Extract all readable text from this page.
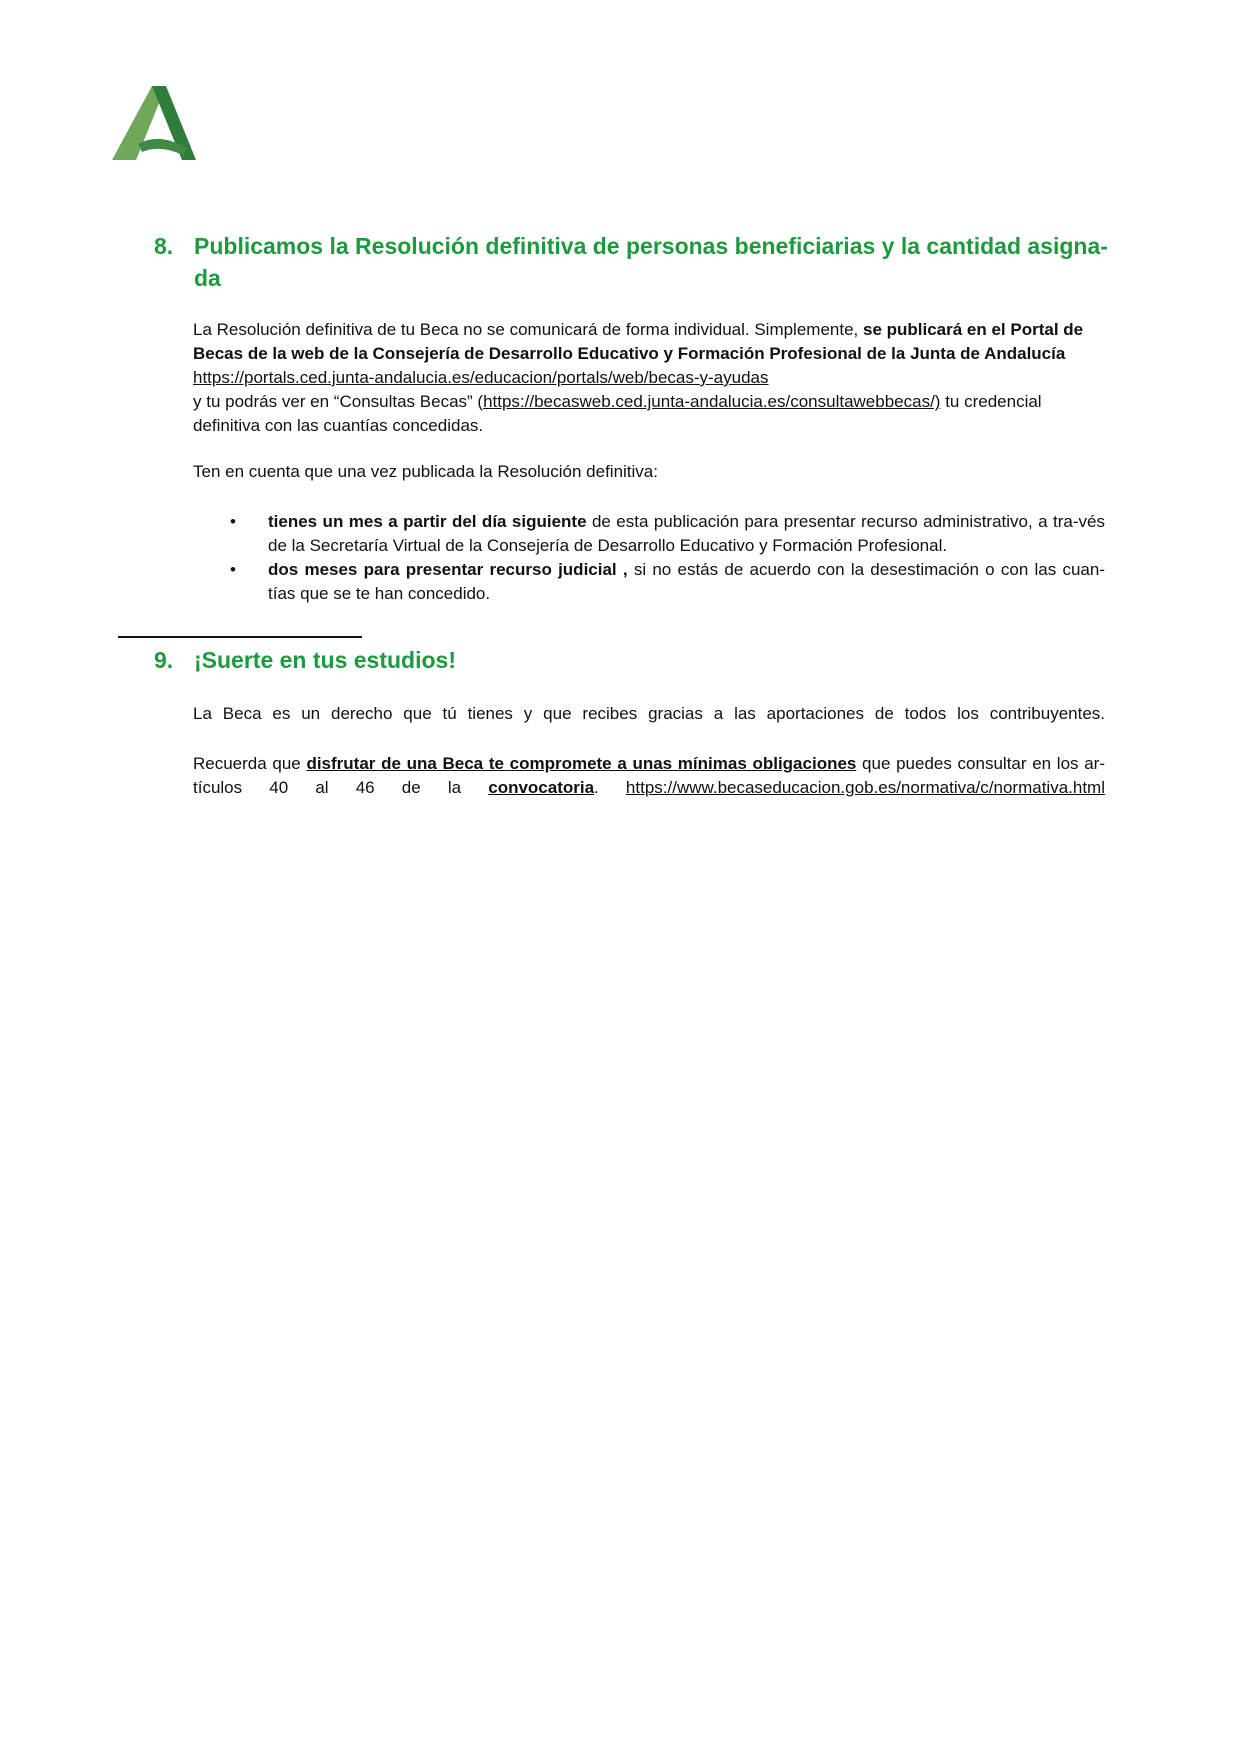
8. Publicamos la Resolución definitiva de personas beneficiarias y la cantidad asigna-
da
La Resolución definitiva de tu Beca no se comunicará de forma individual. Simplemente, se publicará en el Portal de Becas de la web de la Consejería de Desarrollo Educativo y Formación Profesional de la Junta de Andalucía
https://portals.ced.junta-andalucia.es/educacion/portals/web/becas-y-ayudas
y tu podrás ver en “Consultas Becas” (https://becasweb.ced.junta-andalucia.es/consultawebbecas/) tu credencial definitiva con las cuantías concedidas.
Ten en cuenta que una vez publicada la Resolución definitiva:
• tienes un mes a partir del día siguiente de esta publicación para presentar recurso administrativo, a tra-vés de la Secretaría Virtual de la Consejería de Desarrollo Educativo y Formación Profesional.
• dos meses para presentar recurso judicial , si no estás de acuerdo con la desestimación o con las cuan-tías que se te han concedido.
9. ¡Suerte en tus estudios!
La Beca es un derecho que tú tienes y que recibes gracias a las aportaciones de todos los contribuyentes.
Recuerda que disfrutar de una Beca te compromete a unas mínimas obligaciones que puedes consultar en los ar-tículos 40 al 46 de la convocatoria. https://www.becaseducacion.gob.es/normativa/c/normativa.html
